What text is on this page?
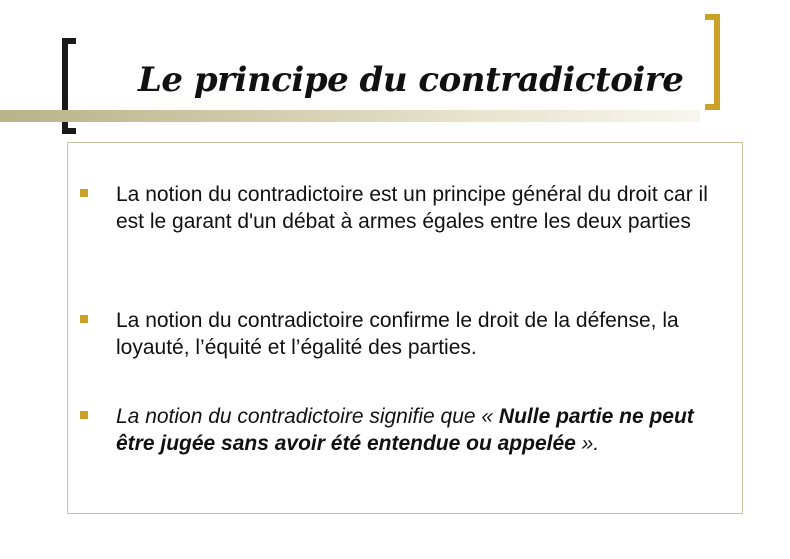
Le principe du contradictoire

La notion du contradictoire est un principe général du droit car il est le garant d'un débat à armes égales entre les deux parties

La notion du contradictoire confirme le droit de la défense, la loyauté, l’équité et l’égalité des parties.

La notion du contradictoire signifie que « Nulle partie ne peut être jugée sans avoir été entendue ou appelée ».
